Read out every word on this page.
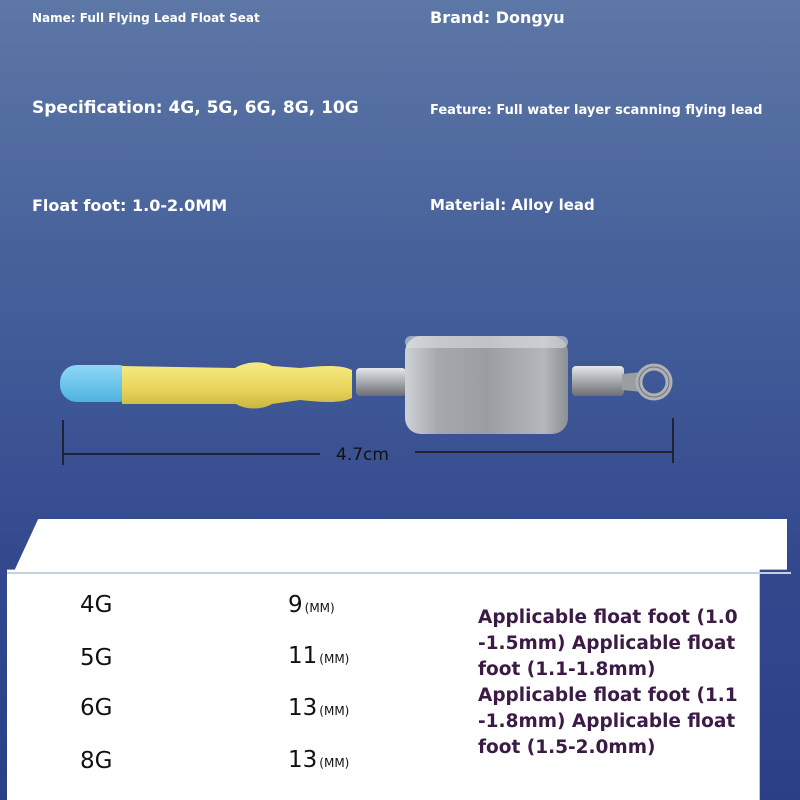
Name: Full Flying Lead Float Seat	Brand: Dongyu
Specification: 4G, 5G, 6G, 8G, 10G	Feature: Full water layer scanning flying lead
Float foot: 1.0-2.0MM	Material: Alloy lead
4.7cm
4G	9 (MM)
5G	11 (MM)
6G	13 (MM)
8G	13 (MM)
Applicable float foot (1.0
-1.5mm) Applicable float
foot (1.1-1.8mm)
Applicable float foot (1.1
-1.8mm) Applicable float
foot (1.5-2.0mm)
